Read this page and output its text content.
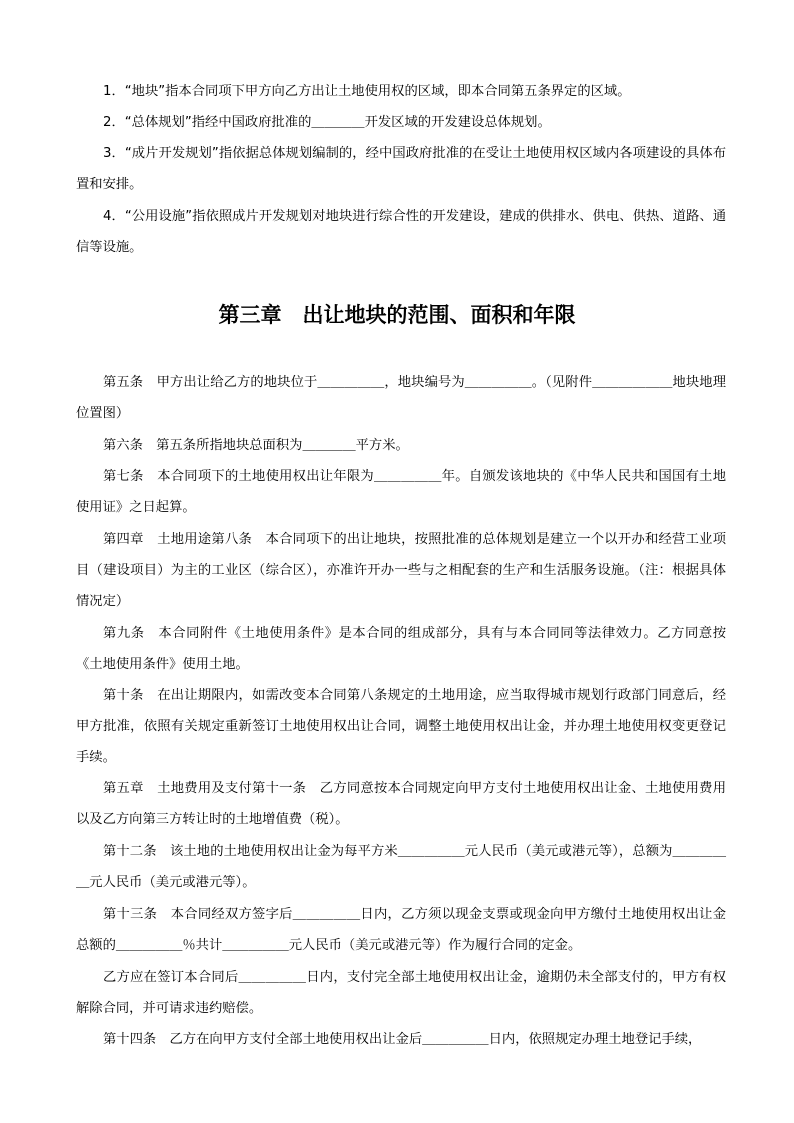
1．“地块”指本合同项下甲方向乙方出让土地使用权的区域，即本合同第五条界定的区域。

2．“总体规划”指经中国政府批准的＿＿＿＿开发区域的开发建设总体规划。

3．“成片开发规划”指依据总体规划编制的，经中国政府批准的在受让土地使用权区域内各项建设的具体布置和安排。

4．“公用设施”指依照成片开发规划对地块进行综合性的开发建设，建成的供排水、供电、供热、道路、通信等设施。

第三章　出让地块的范围、面积和年限

第五条　甲方出让给乙方的地块位于＿＿＿＿＿，地块编号为＿＿＿＿＿。（见附件＿＿＿＿＿＿地块地理位置图）

第六条　第五条所指地块总面积为＿＿＿＿平方米。

第七条　本合同项下的土地使用权出让年限为＿＿＿＿＿年。自颁发该地块的《中华人民共和国国有土地使用证》之日起算。

第四章　土地用途第八条　本合同项下的出让地块，按照批准的总体规划是建立一个以开办和经营工业项目（建设项目）为主的工业区（综合区），亦准许开办一些与之相配套的生产和生活服务设施。（注：根据具体情况定）

第九条　本合同附件《土地使用条件》是本合同的组成部分，具有与本合同同等法律效力。乙方同意按《土地使用条件》使用土地。

第十条　在出让期限内，如需改变本合同第八条规定的土地用途，应当取得城市规划行政部门同意后，经甲方批准，依照有关规定重新签订土地使用权出让合同，调整土地使用权出让金，并办理土地使用权变更登记手续。

第五章　土地费用及支付第十一条　乙方同意按本合同规定向甲方支付土地使用权出让金、土地使用费用以及乙方向第三方转让时的土地增值费（税）。

第十二条　该土地的土地使用权出让金为每平方米＿＿＿＿＿元人民币（美元或港元等），总额为＿＿＿＿＿元人民币（美元或港元等）。

第十三条　本合同经双方签字后＿＿＿＿＿日内，乙方须以现金支票或现金向甲方缴付土地使用权出让金总额的＿＿＿＿＿％共计＿＿＿＿＿元人民币（美元或港元等）作为履行合同的定金。

乙方应在签订本合同后＿＿＿＿＿日内，支付完全部土地使用权出让金，逾期仍未全部支付的，甲方有权解除合同，并可请求违约赔偿。

第十四条　乙方在向甲方支付全部土地使用权出让金后＿＿＿＿＿日内，依照规定办理土地登记手续，
